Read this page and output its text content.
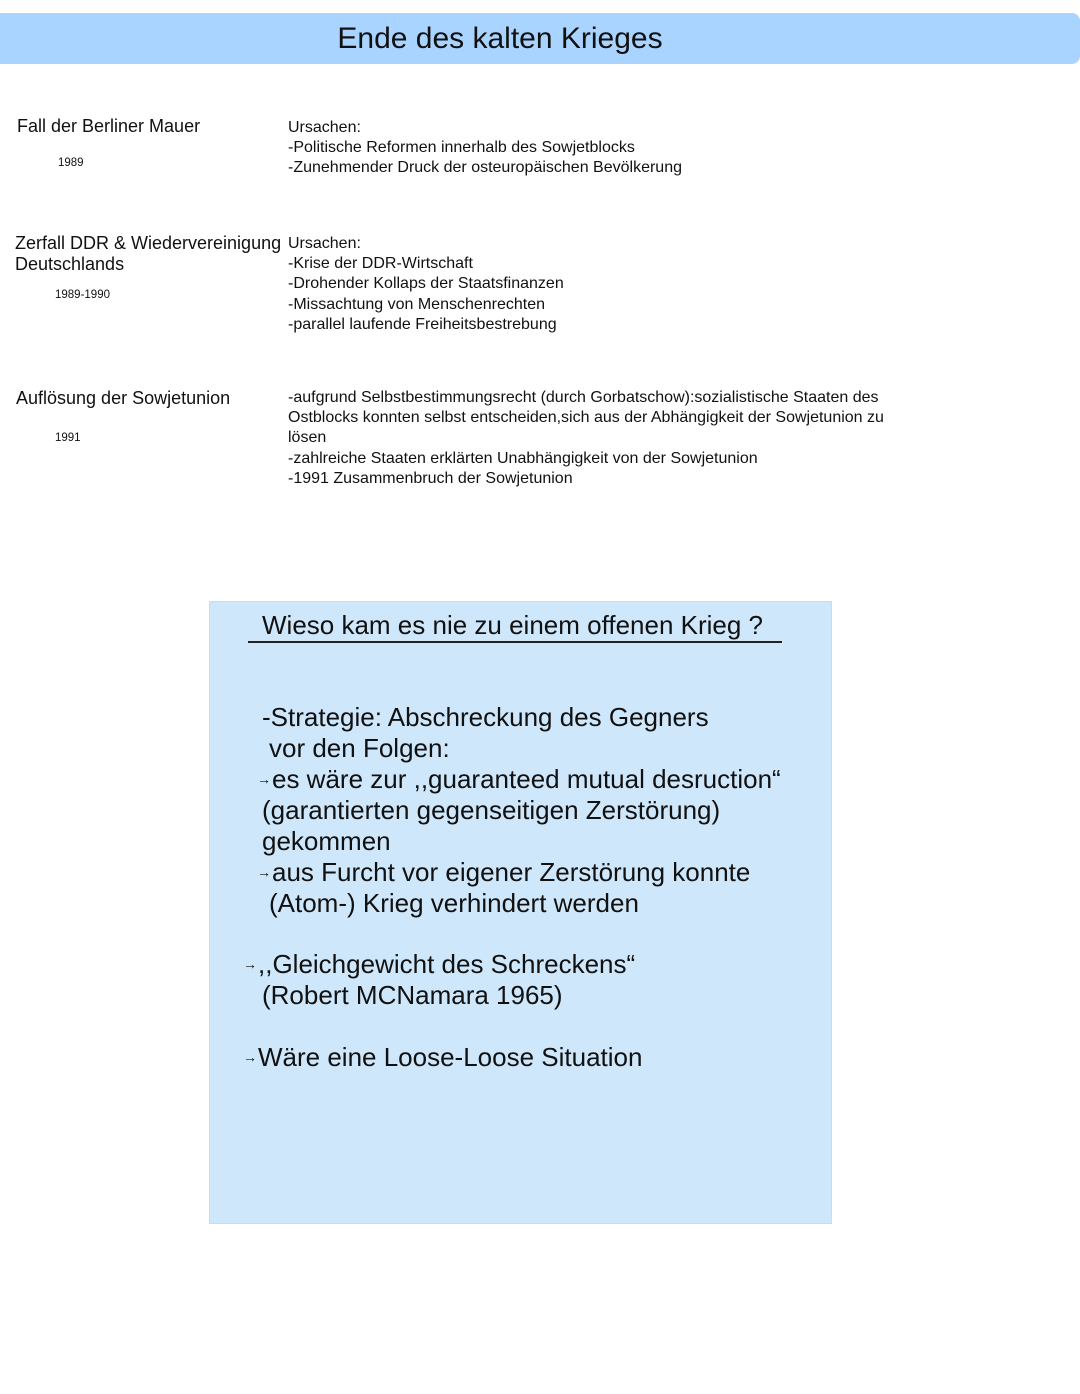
Ende des kalten Krieges
Fall der Berliner Mauer
1989
Ursachen:
-Politische Reformen innerhalb des Sowjetblocks
-Zunehmender Druck der osteuropäischen Bevölkerung
Zerfall DDR & Wiedervereinigung
Deutschlands
1989-1990
Ursachen:
-Krise der DDR-Wirtschaft
-Drohender Kollaps der Staatsfinanzen
-Missachtung von Menschenrechten
-parallel laufende Freiheitsbestrebung
Auflösung der Sowjetunion
1991
-aufgrund Selbstbestimmungsrecht (durch Gorbatschow):sozialistische Staaten des
Ostblocks konnten selbst entscheiden,sich aus der Abhängigkeit der Sowjetunion zu
lösen
-zahlreiche Staaten erklärten Unabhängigkeit von der Sowjetunion
-1991 Zusammenbruch der Sowjetunion
Wieso kam es nie zu einem offenen Krieg ?
-Strategie: Abschreckung des Gegners
vor den Folgen:
→es wäre zur ,,guaranteed mutual desruction“
(garantierten gegenseitigen Zerstörung)
gekommen
→aus Furcht vor eigener Zerstörung konnte
(Atom-) Krieg verhindert werden
→,,Gleichgewicht des Schreckens“
(Robert MCNamara 1965)
→Wäre eine Loose-Loose Situation
